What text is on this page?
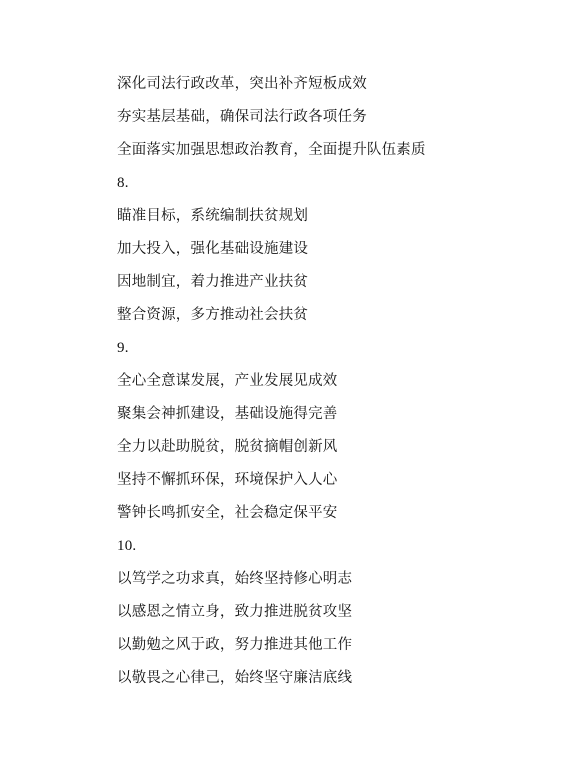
深化司法行政改革，突出补齐短板成效
夯实基层基础，确保司法行政各项任务
全面落实加强思想政治教育，全面提升队伍素质
8.
瞄准目标，系统编制扶贫规划
加大投入，强化基础设施建设
因地制宜，着力推进产业扶贫
整合资源，多方推动社会扶贫
9.
全心全意谋发展，产业发展见成效
聚集会神抓建设，基础设施得完善
全力以赴助脱贫，脱贫摘帽创新风
坚持不懈抓环保，环境保护入人心
警钟长鸣抓安全，社会稳定保平安
10.
以笃学之功求真，始终坚持修心明志
以感恩之情立身，致力推进脱贫攻坚
以勤勉之风于政，努力推进其他工作
以敬畏之心律己，始终坚守廉洁底线
